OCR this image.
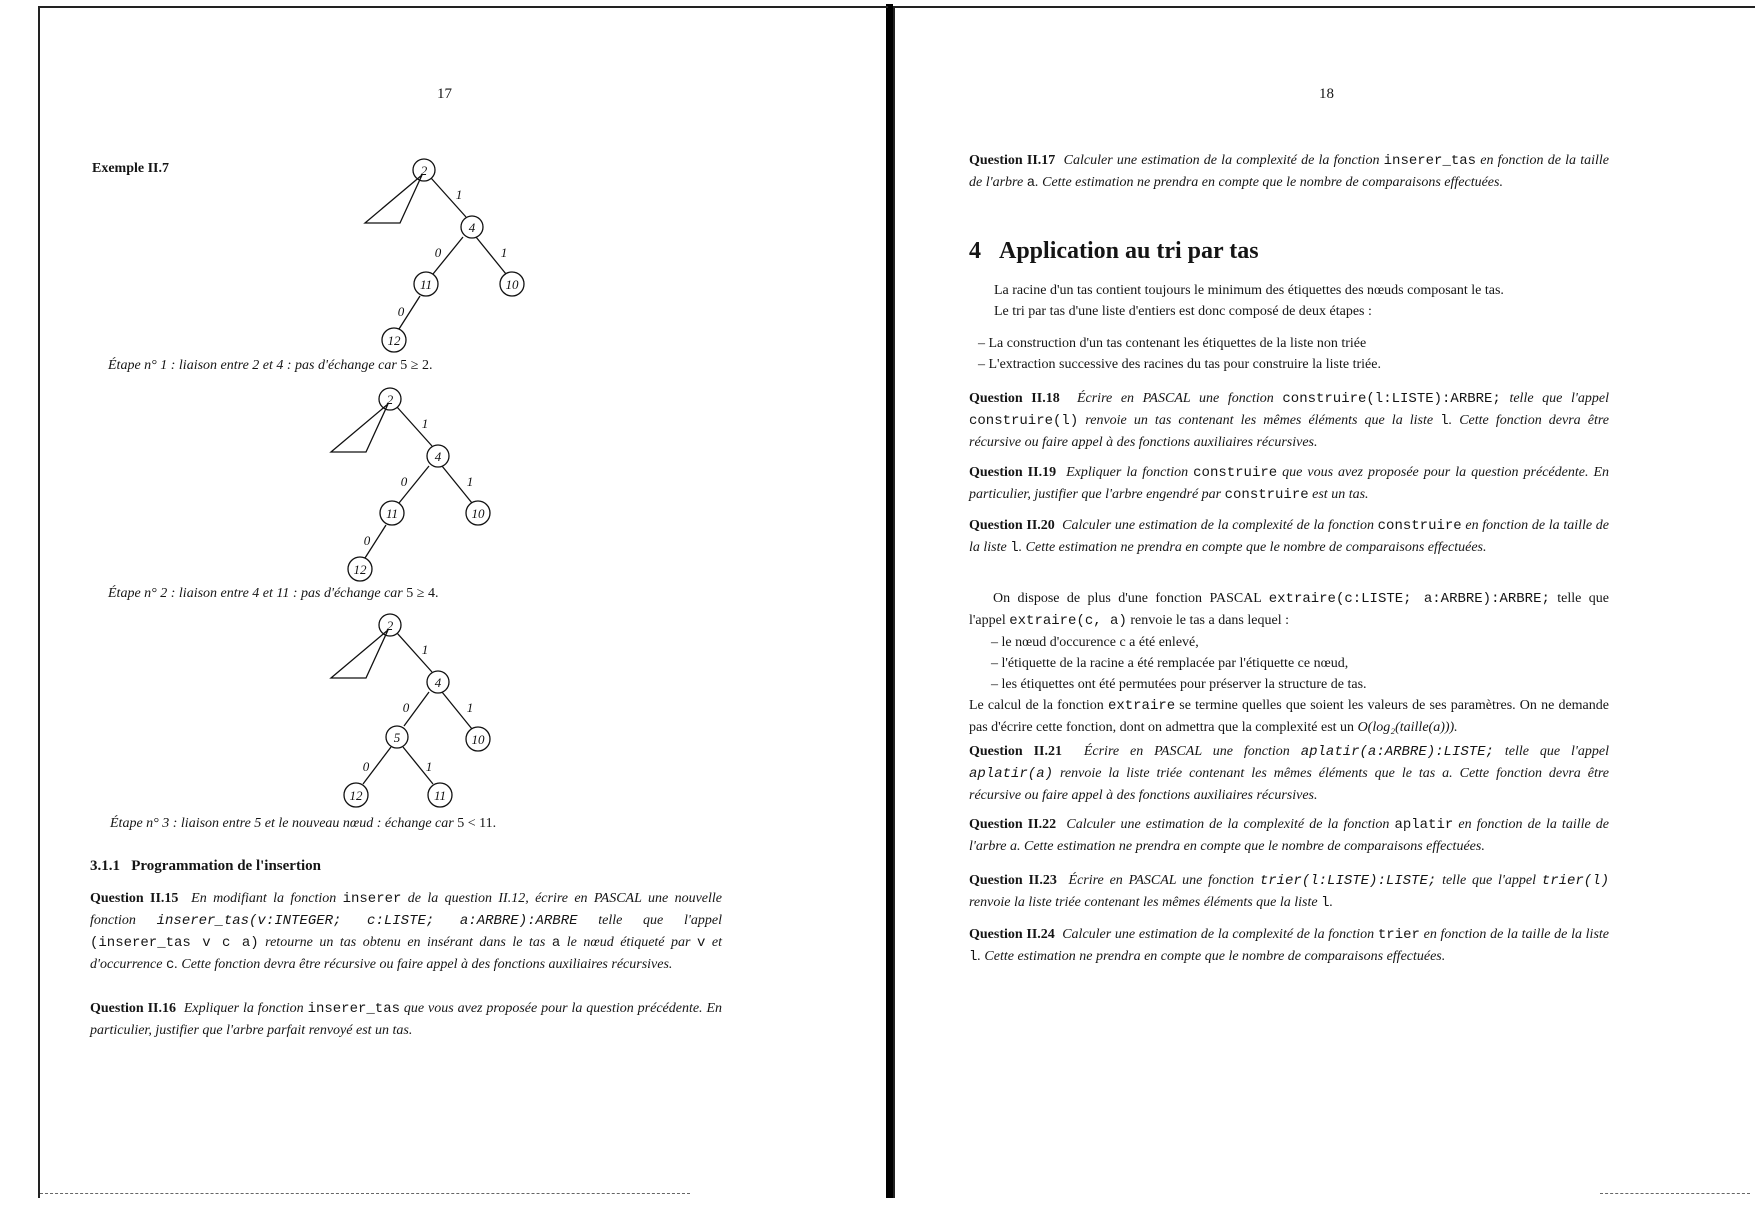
17
Exemple II.7	2
4
11	10
12
1
0	1
0
Étape n° 1 : liaison entre 2 et 4 : pas d'échange car 5 ≥ 2.
2
4
11	10
12
1
0	1
0
Étape n° 2 : liaison entre 4 et 11 : pas d'échange car 5 ≥ 4.
2
4
5	10
12	11
1
0	1
0	1
Étape n° 3 : liaison entre 5 et le nouveau nœud : échange car 5 < 11.
3.1.1 Programmation de l'insertion
Question II.15 En modifiant la fonction inserer de la question II.12, écrire en PASCAL une nouvelle fonction inserer_tas(v:INTEGER; c:LISTE; a:ARBRE):ARBRE telle que l'appel (inserer_tas v c a) retourne un tas obtenu en insérant dans le tas a le nœud étiqueté par v et d'occurrence c. Cette fonction devra être récursive ou faire appel à des fonctions auxiliaires récursives.
Question II.16 Expliquer la fonction inserer_tas que vous avez proposée pour la question précédente. En particulier, justifier que l'arbre parfait renvoyé est un tas.
18
Question II.17 Calculer une estimation de la complexité de la fonction inserer_tas en fonction de la taille de l'arbre a. Cette estimation ne prendra en compte que le nombre de comparaisons effectuées.
4 Application au tri par tas
La racine d'un tas contient toujours le minimum des étiquettes des nœuds composant le tas.
Le tri par tas d'une liste d'entiers est donc composé de deux étapes :
– La construction d'un tas contenant les étiquettes de la liste non triée
– L'extraction successive des racines du tas pour construire la liste triée.
Question II.18 Écrire en PASCAL une fonction construire(l:LISTE):ARBRE; telle que l'appel construire(l) renvoie un tas contenant les mêmes éléments que la liste l. Cette fonction devra être récursive ou faire appel à des fonctions auxiliaires récursives.
Question II.19 Expliquer la fonction construire que vous avez proposée pour la question précédente. En particulier, justifier que l'arbre engendré par construire est un tas.
Question II.20 Calculer une estimation de la complexité de la fonction construire en fonction de la taille de la liste l. Cette estimation ne prendra en compte que le nombre de comparaisons effectuées.
On dispose de plus d'une fonction PASCAL extraire(c:LISTE; a:ARBRE):ARBRE; telle que l'appel extraire(c, a) renvoie le tas a dans lequel :
– le nœud d'occurence c a été enlevé,
– l'étiquette de la racine a été remplacée par l'étiquette ce nœud,
– les étiquettes ont été permutées pour préserver la structure de tas.
Le calcul de la fonction extraire se termine quelles que soient les valeurs de ses paramètres. On ne demande pas d'écrire cette fonction, dont on admettra que la complexité est un O(log₂(taille(a))).
Question II.21 Écrire en PASCAL une fonction aplatir(a:ARBRE):LISTE; telle que l'appel aplatir(a) renvoie la liste triée contenant les mêmes éléments que le tas a. Cette fonction devra être récursive ou faire appel à des fonctions auxiliaires récursives.
Question II.22 Calculer une estimation de la complexité de la fonction aplatir en fonction de la taille de l'arbre a. Cette estimation ne prendra en compte que le nombre de comparaisons effectuées.
Question II.23 Écrire en PASCAL une fonction trier(l:LISTE):LISTE; telle que l'appel trier(l) renvoie la liste triée contenant les mêmes éléments que la liste l.
Question II.24 Calculer une estimation de la complexité de la fonction trier en fonction de la taille de la liste l. Cette estimation ne prendra en compte que le nombre de comparaisons effectuées.
